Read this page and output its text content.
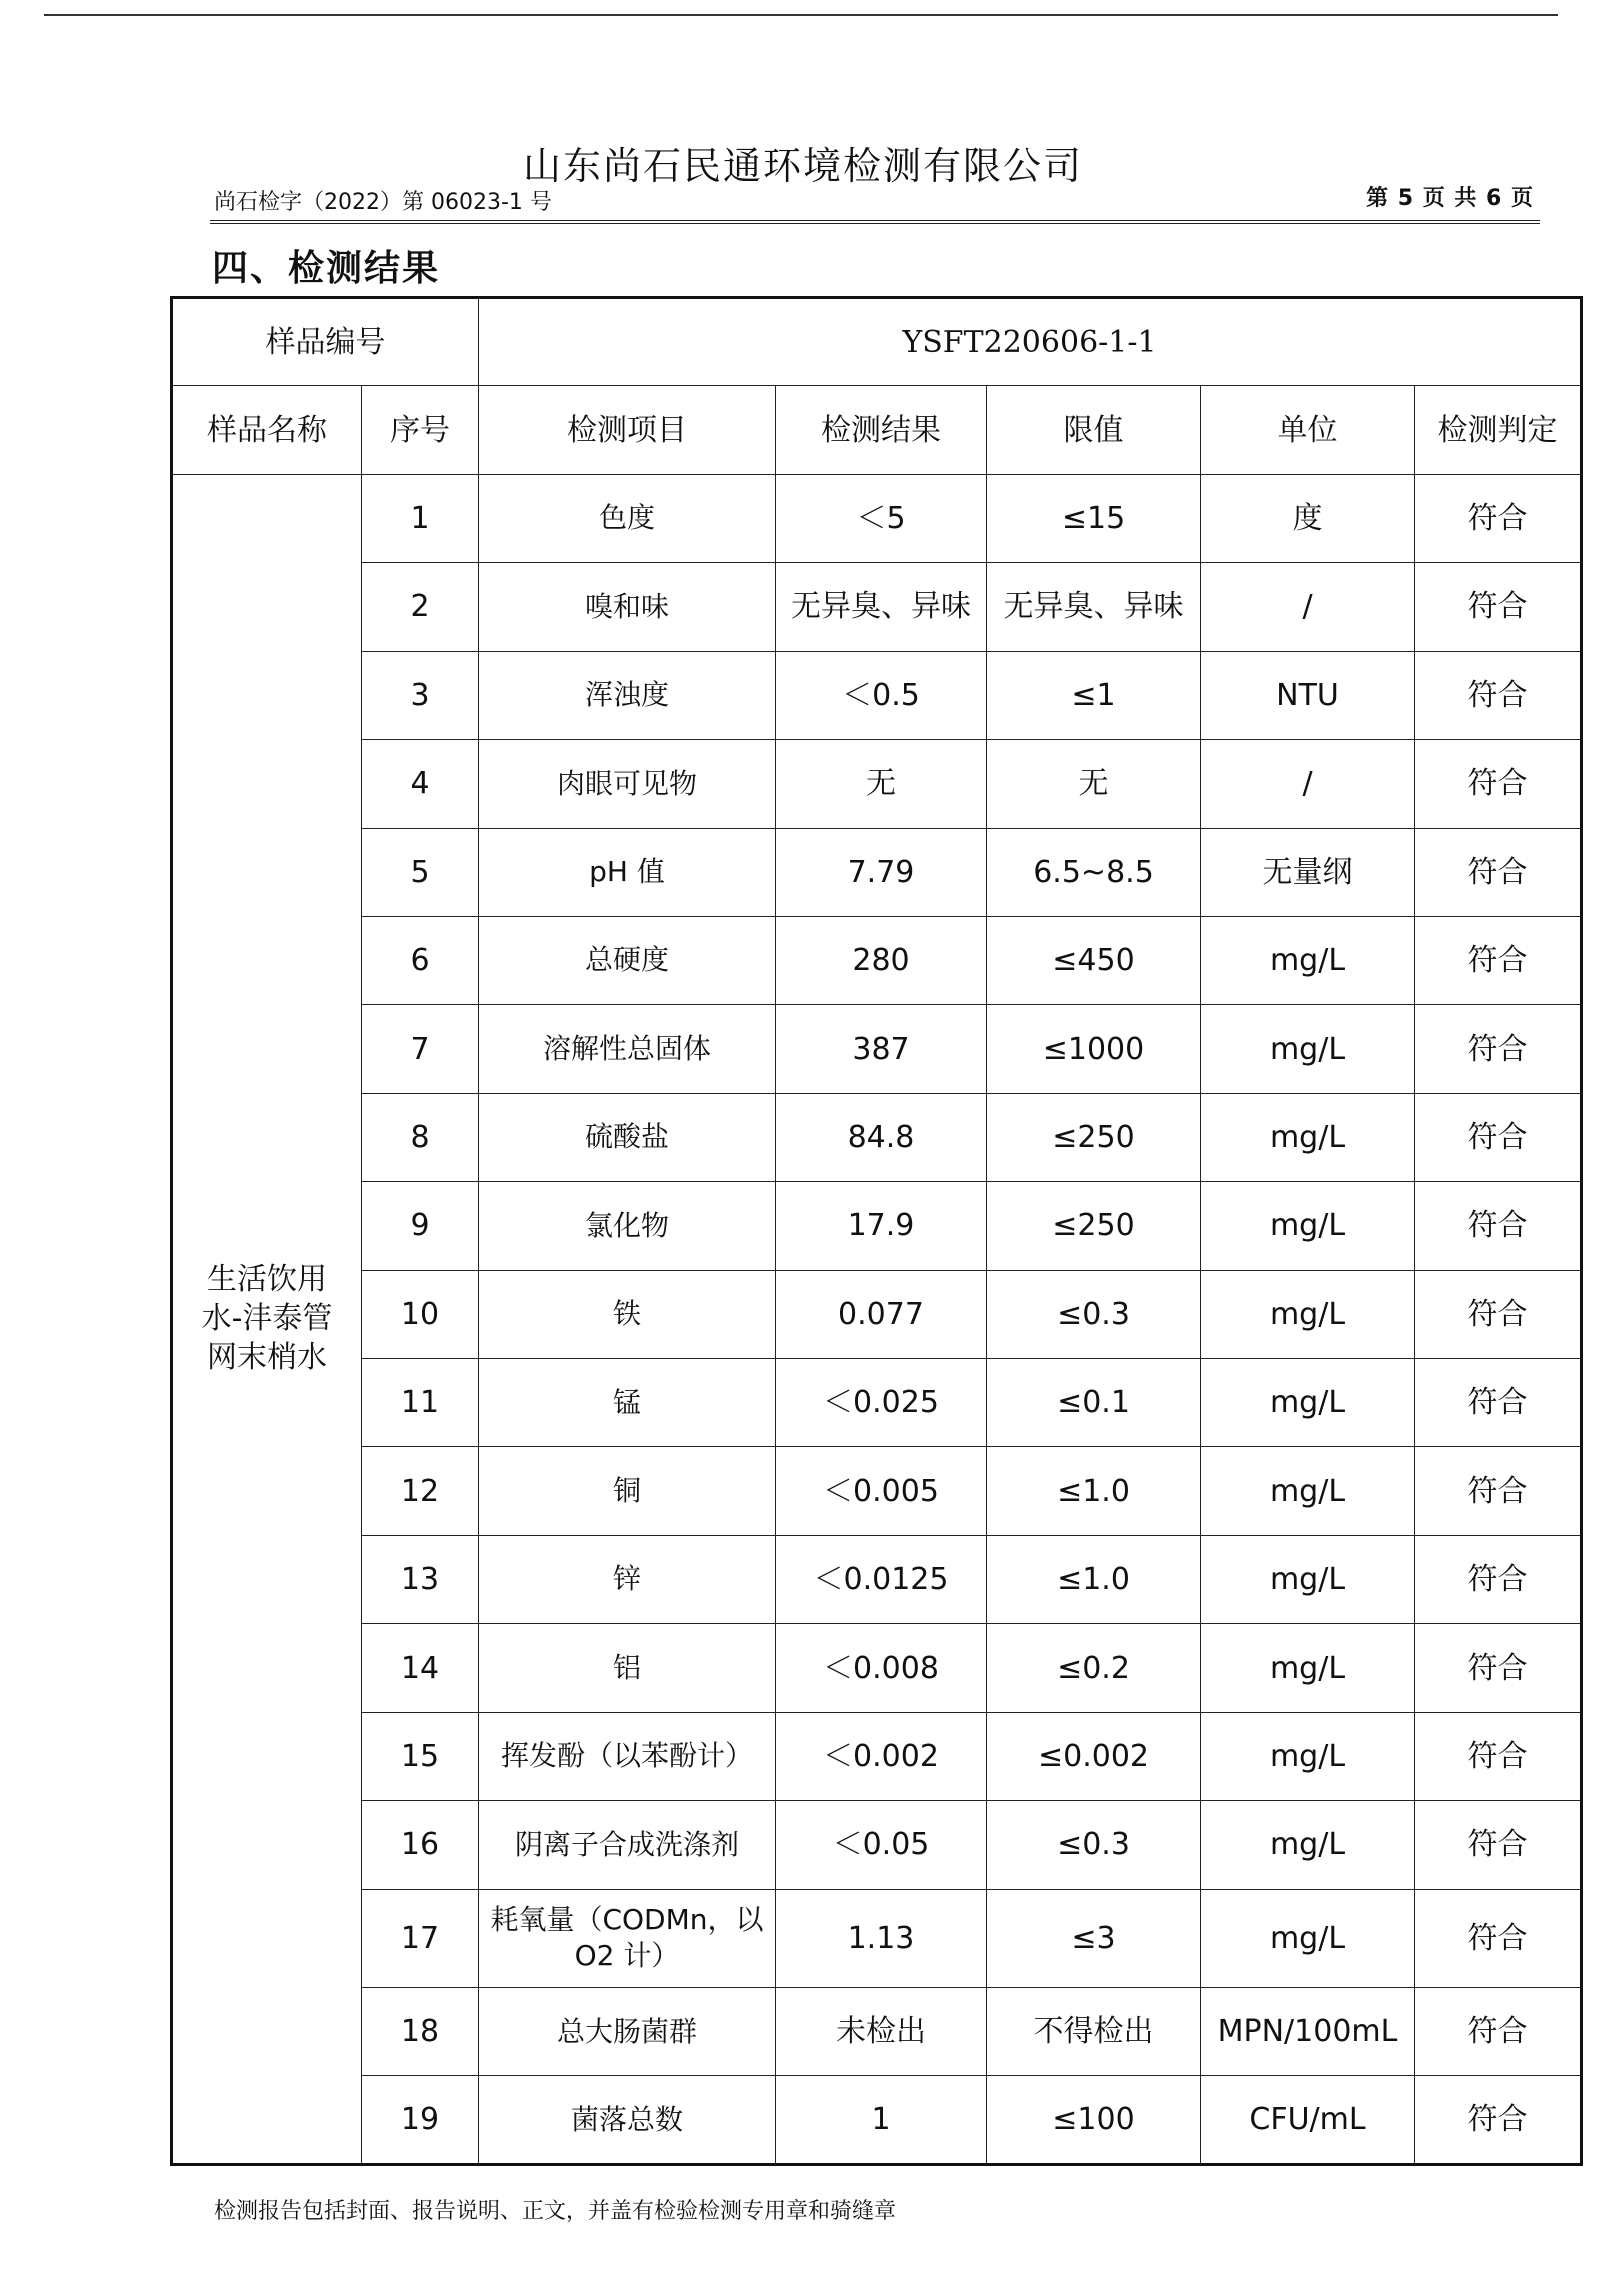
山东尚石民通环境检测有限公司
尚石检字（2022）第 06023-1 号	第 5 页 共 6 页
四、检测结果
样品编号		YSFT220606-1-1				
样品名称	序号	检测项目	检测结果	限值	单位	检测判定

生活饮用
水-沣泰管
网末梢水	1	色度	＜5	≤15	度	符合
	2	嗅和味	无异臭、异味	无异臭、异味	/	符合
	3	浑浊度	＜0.5	≤1	NTU	符合
	4	肉眼可见物	无	无	/	符合
	5	pH 值	7.79	6.5~8.5	无量纲	符合
	6	总硬度	280	≤450	mg/L	符合
	7	溶解性总固体	387	≤1000	mg/L	符合
	8	硫酸盐	84.8	≤250	mg/L	符合
	9	氯化物	17.9	≤250	mg/L	符合
	10	铁	0.077	≤0.3	mg/L	符合
	11	锰	＜0.025	≤0.1	mg/L	符合
	12	铜	＜0.005	≤1.0	mg/L	符合
	13	锌	＜0.0125	≤1.0	mg/L	符合
	14	铝	＜0.008	≤0.2	mg/L	符合
	15	挥发酚（以苯酚计）	＜0.002	≤0.002	mg/L	符合
	16	阴离子合成洗涤剂	＜0.05	≤0.3	mg/L	符合
	17	耗氧量（CODMn，以 O2 计）	1.13	≤3	mg/L	符合
	18	总大肠菌群	未检出	不得检出	MPN/100mL	符合
	19	菌落总数	1	≤100	CFU/mL	符合
检测报告包括封面、报告说明、正文，并盖有检验检测专用章和骑缝章
